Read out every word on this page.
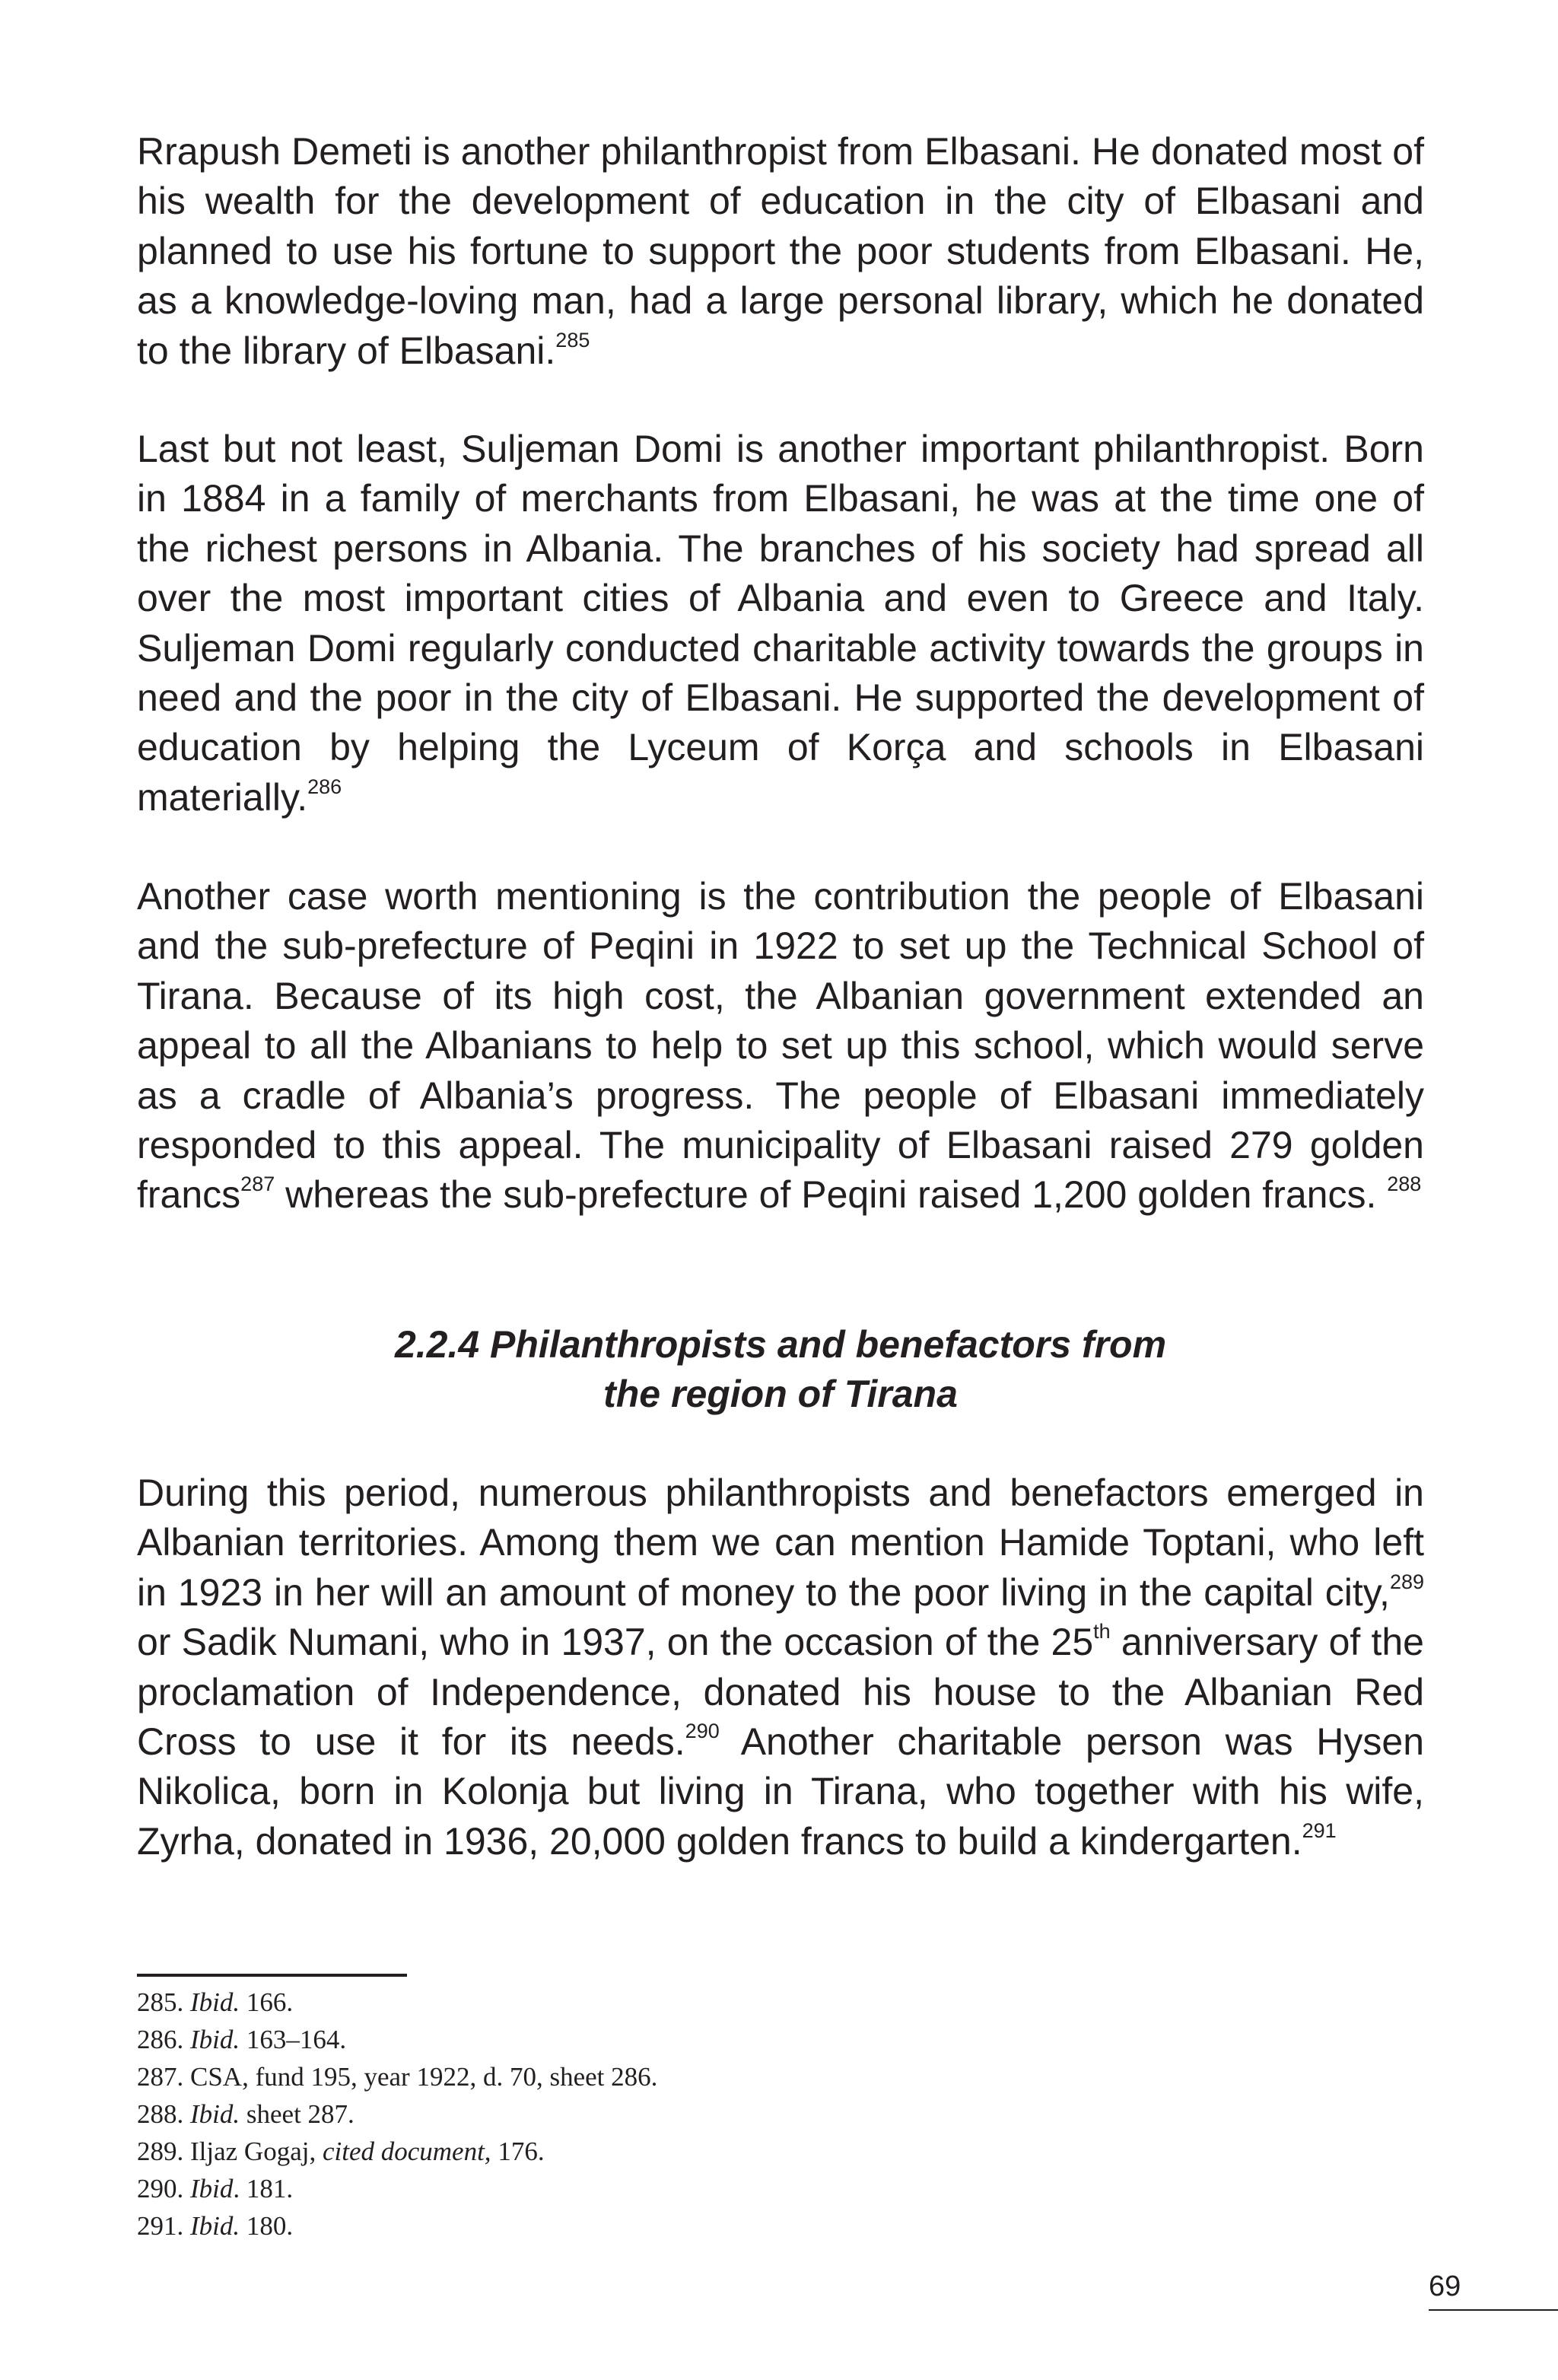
Rrapush Demeti is another philanthropist from Elbasani. He donated most of his wealth for the development of education in the city of Elbasani and planned to use his fortune to support the poor students from Elbasani. He, as a knowledge-loving man, had a large personal library, which he donated to the library of Elbasani.$^{285}$

Last but not least, Suljeman Domi is another important philanthropist. Born in 1884 in a family of merchants from Elbasani, he was at the time one of the richest persons in Albania. The branches of his society had spread all over the most important cities of Albania and even to Greece and Italy. Suljeman Domi regularly conducted charitable activity towards the groups in need and the poor in the city of Elbasani. He supported the development of education by helping the Lyceum of Korça and schools in Elbasani materially.$^{286}$

Another case worth mentioning is the contribution the people of Elbasani and the sub-prefecture of Peqini in 1922 to set up the Technical School of Tirana. Because of its high cost, the Albanian government extended an appeal to all the Albanians to help to set up this school, which would serve as a cradle of Albania’s progress. The people of Elbasani immediately responded to this appeal. The municipality of Elbasani raised 279 golden francs$^{287}$ whereas the sub-prefecture of Peqini raised 1,200 golden francs. $^{288}$

2.2.4 Philanthropists and benefactors from
the region of Tirana

During this period, numerous philanthropists and benefactors emerged in Albanian territories. Among them we can mention Hamide Toptani, who left in 1923 in her will an amount of money to the poor living in the capital city,$^{289}$ or Sadik Numani, who in 1937, on the occasion of the 25th anniversary of the proclamation of Independence, donated his house to the Albanian Red Cross to use it for its needs.$^{290}$ Another charitable person was Hysen Nikolica, born in Kolonja but living in Tirana, who together with his wife, Zyrha, donated in 1936, 20,000 golden francs to build a kindergarten.$^{291}$

285. Ibid. 166.
286. Ibid. 163–164.
287. CSA, fund 195, year 1922, d. 70, sheet 286.
288. Ibid. sheet 287.
289. Iljaz Gogaj, cited document, 176.
290. Ibid. 181.
291. Ibid. 180.
69
